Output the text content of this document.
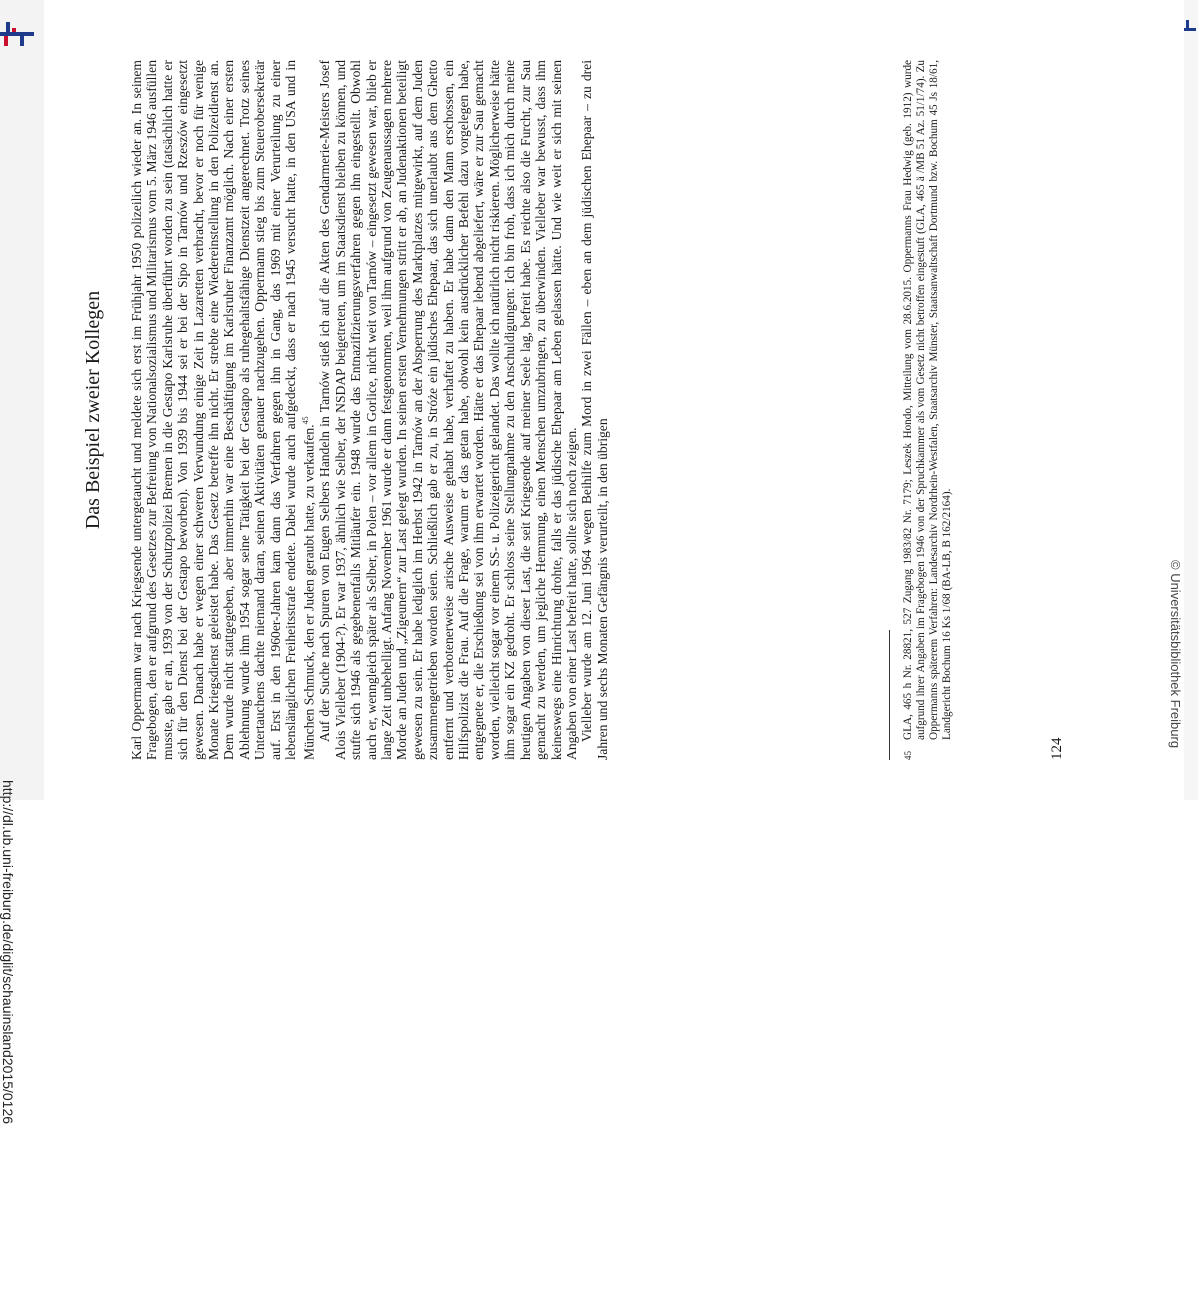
http://dl.ub.uni-freiburg.de/diglit/schauinsland2015/0126
Das Beispiel zweier Kollegen Karl Oppermann war nach Kriegsende untergetaucht und meldete sich erst im Frühjahr 1950 polizeilich wieder an. In seinem Fragebogen, den er aufgrund des Gesetzes zur Befreiung von Nationalsozialismus und Militarismus vom 5. März 1946 ausfüllen musste, gab er an, 1939 von der Schutzpolizei Bremen in die Gestapo Karlsruhe überführt worden zu sein (tatsächlich hatte er sich für den Dienst bei der Gestapo beworben). Von 1939 bis 1944 sei er bei der Sipo in Tarnów und Rzeszów eingesetzt gewesen. Danach habe er wegen einer schweren Verwundung einige Zeit in Lazaretten verbracht, bevor er noch für wenige Monate Kriegsdienst geleistet habe. Das Gesetz betreffe ihn nicht. Er strebte eine Wiedereinstellung in den Polizeidienst an. Dem wurde nicht stattgegeben, aber immerhin war eine Beschäftigung im Karlsruher Finanzamt möglich. Nach einer ersten Ablehnung wurde ihm 1954 sogar seine Tätigkeit bei der Gestapo als ruhegehaltsfähige Dienstzeit angerechnet. Trotz seines Untertauchens dachte niemand daran, seinen Aktivitäten genauer nachzugehen. Oppermann stieg bis zum Steuerobersekretär auf. Erst in den 1960er-Jahren kam dann das Verfahren gegen ihn in Gang, das 1969 mit einer Verurteilung zu einer lebenslänglichen Freiheitsstrafe endete. Dabei wurde auch aufgedeckt, dass er nach 1945 versucht hatte, in den USA und in München Schmuck, den er Juden geraubt hatte, zu verkaufen.$^{45}$ Auf der Suche nach Spuren von Eugen Selbers Handeln in Tarnów stieß ich auf die Akten des Gendarmerie-Meisters Josef Alois Vielleber (1904-?). Er war 1937, ähnlich wie Selber, der NSDAP beigetreten, um im Staatsdienst bleiben zu können, und stufte sich 1946 als gegebenenfalls Mitläufer ein. 1948 wurde das Entnazifizierungsverfahren gegen ihn eingestellt. Obwohl auch er, wenngleich später als Selber, in Polen – vor allem in Gorlice, nicht weit von Tarnów – eingesetzt gewesen war, blieb er lange Zeit unbehelligt. Anfang November 1961 wurde er dann festgenommen, weil ihm aufgrund von Zeugenaussagen mehrere Morde an Juden und „Zigeunern“ zur Last gelegt wurden. In seinen ersten Vernehmungen stritt er ab, an Judenaktionen beteiligt gewesen zu sein. Er habe lediglich im Herbst 1942 in Tarnów an der Absperrung des Marktplatzes mitgewirkt, auf dem Juden zusammengetrieben worden seien. Schließlich gab er zu, in Stróże ein jüdisches Ehepaar, das sich unerlaubt aus dem Ghetto entfernt und verbotenerweise arische Ausweise gehabt habe, verhaftet zu haben. Er habe dann den Mann erschossen, ein Hilfspolizist die Frau. Auf die Frage, warum er das getan habe, obwohl kein ausdrücklicher Befehl dazu vorgelegen habe, entgegnete er, die Erschießung sei von ihm erwartet worden. Hätte er das Ehepaar lebend abgeliefert, wäre er zur Sau gemacht worden, vielleicht sogar vor einem SS- u. Polizeigericht gelandet. Das wollte ich natürlich nicht riskieren. Möglicherweise hätte ihm sogar ein KZ gedroht. Er schloss seine Stellungnahme zu den Anschuldigungen: Ich bin froh, dass ich mich durch meine heutigen Angaben von dieser Last, die seit Kriegsende auf meiner Seele lag, befreit habe. Es reichte also die Furcht, zur Sau gemacht zu werden, um jegliche Hemmung, einen Menschen umzubringen, zu überwinden. Vielleber war bewusst, dass ihm keineswegs eine Hinrichtung drohte, falls er das jüdische Ehepaar am Leben gelassen hätte. Und wie weit er sich mit seinen Angaben von einer Last befreit hatte, sollte sich noch zeigen. Vielleber wurde am 12. Juni 1964 wegen Beihilfe zum Mord in zwei Fällen – eben an dem jüdischen Ehepaar – zu drei Jahren und sechs Monaten Gefängnis verurteilt, in den übrigen	45
GLA, 465 h Nr. 28821, 527 Zugang 1983/82 Nr. 7179; Leszek Hondo, Mitteilung vom 28.6.2015. Oppermanns Frau Hedwig (geb. 1912) wurde aufgrund ihrer Angaben im Fragebogen 1946 von der Spruchkammer als vom Gesetz nicht betroffen eingestuft (GLA, 465 ä /MB 51 Az. 51/1/74). Zu Oppermanns späterem Verfahren: Landesarchiv Nordrhein-Westfalen, Staatsarchiv Münster, Staatsanwaltschaft Dortmund bzw. Bochum 45 Js 18/61, Landgericht Bochum 16 Ks 1/68 (BA-LB, B 162/2164).
124
© Universitätsbibliothek Freiburg
